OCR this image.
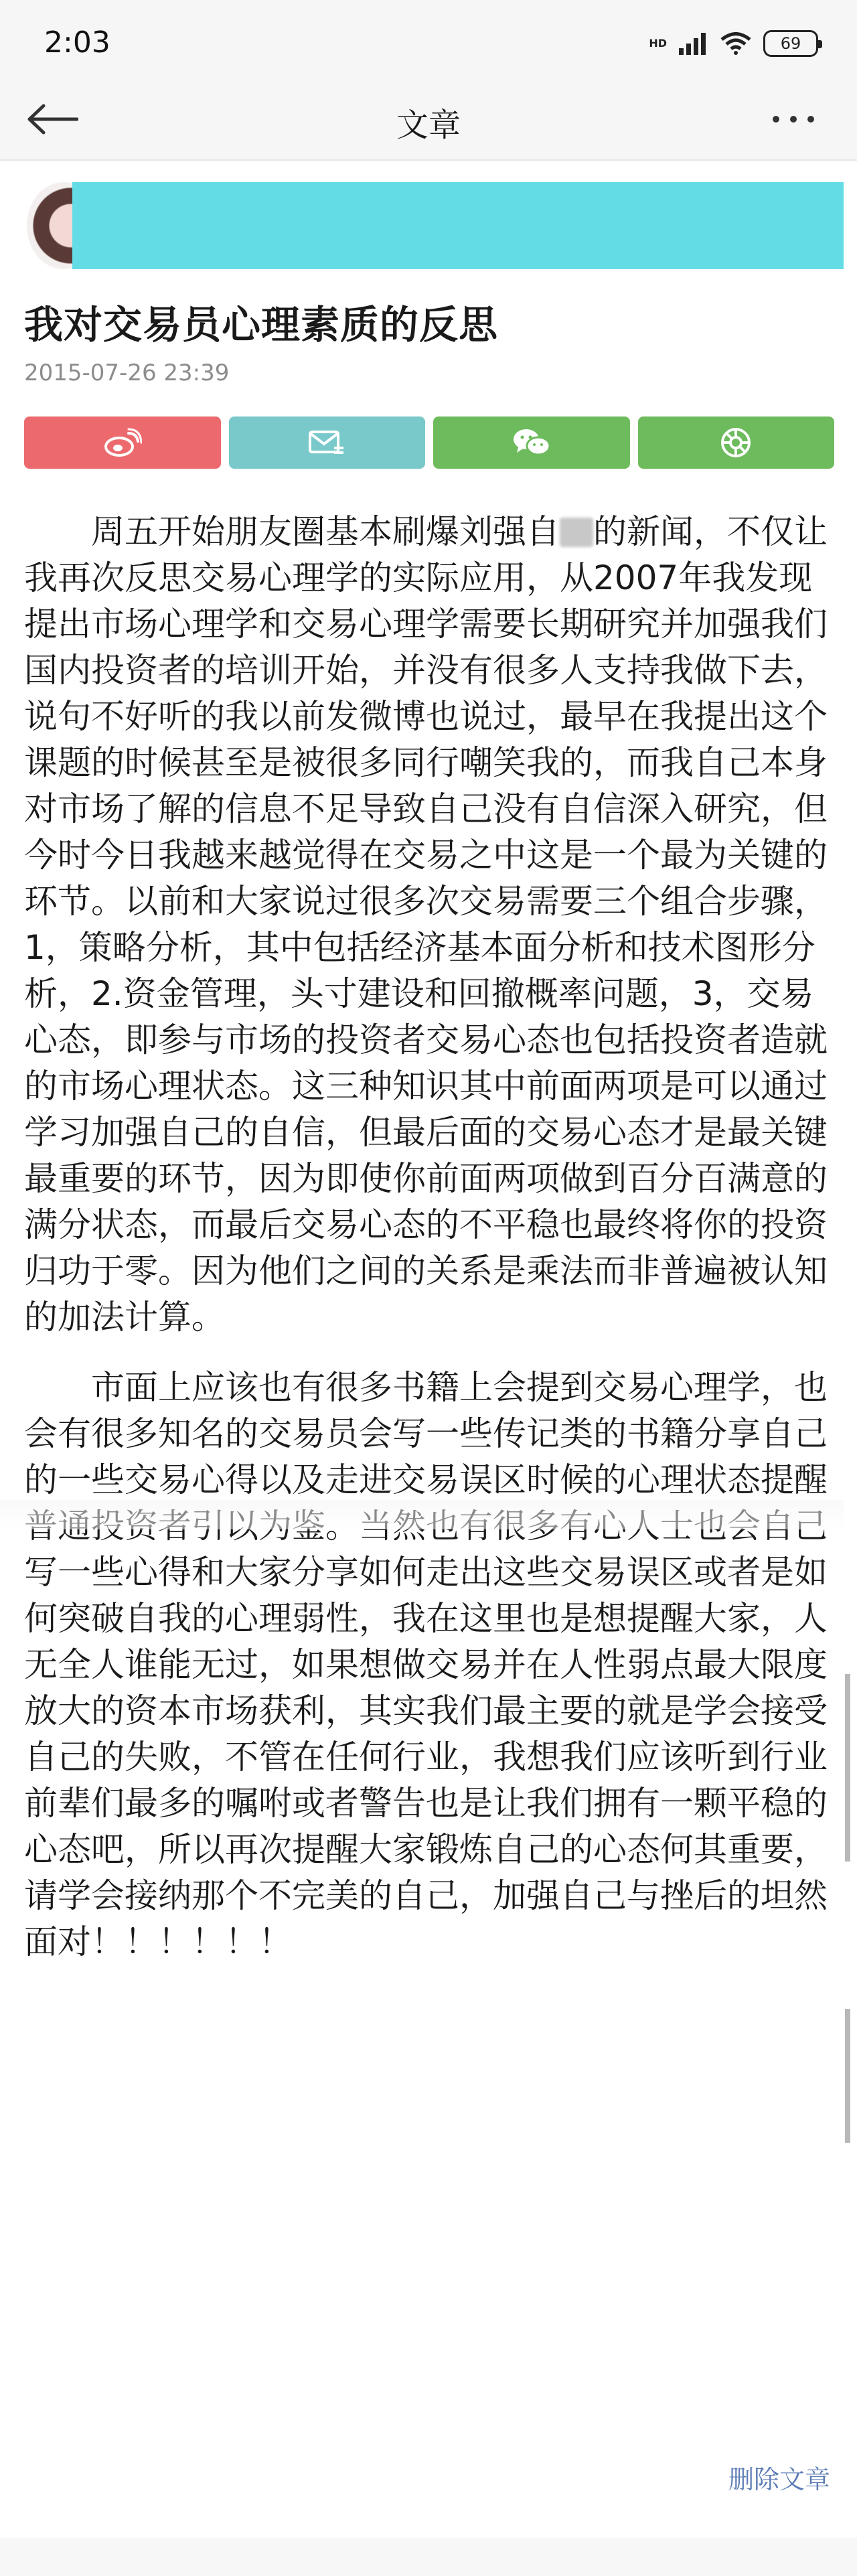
2:03	HD	69
文章
我对交易员心理素质的反思
2015-07-26 23:39

周五开始朋友圈基本刷爆刘强自 的新闻，不仅让我再次反思交易心理学的实际应用，从2007年我发现提出市场心理学和交易心理学需要长期研究并加强我们国内投资者的培训开始，并没有很多人支持我做下去，说句不好听的我以前发微博也说过，最早在我提出这个课题的时候甚至是被很多同行嘲笑我的，而我自己本身对市场了解的信息不足导致自己没有自信深入研究，但今时今日我越来越觉得在交易之中这是一个最为关键的环节。以前和大家说过很多次交易需要三个组合步骤，1，策略分析，其中包括经济基本面分析和技术图形分析，2.资金管理，头寸建设和回撤概率问题，3，交易心态，即参与市场的投资者交易心态也包括投资者造就的市场心理状态。这三种知识其中前面两项是可以通过学习加强自己的自信，但最后面的交易心态才是最关键最重要的环节，因为即使你前面两项做到百分百满意的满分状态，而最后交易心态的不平稳也最终将你的投资归功于零。因为他们之间的关系是乘法而非普遍被认知的加法计算。

市面上应该也有很多书籍上会提到交易心理学，也会有很多知名的交易员会写一些传记类的书籍分享自己的一些交易心得以及走进交易误区时候的心理状态提醒 写一些心得和大家分享如何走出这些交易误区或者是如何突破自我的心理弱性，我在这里也是想提醒大家，人无全人谁能无过，如果想做交易并在人性弱点最大限度放大的资本市场获利，其实我们最主要的就是学会接受自己的失败，不管在任何行业，我想我们应该听到行业前辈们最多的嘱咐或者警告也是让我们拥有一颗平稳的心态吧，所以再次提醒大家锻炼自己的心态何其重要，请学会接纳那个不完美的自己，加强自己与挫后的坦然面对！！！！！！

删除文章
